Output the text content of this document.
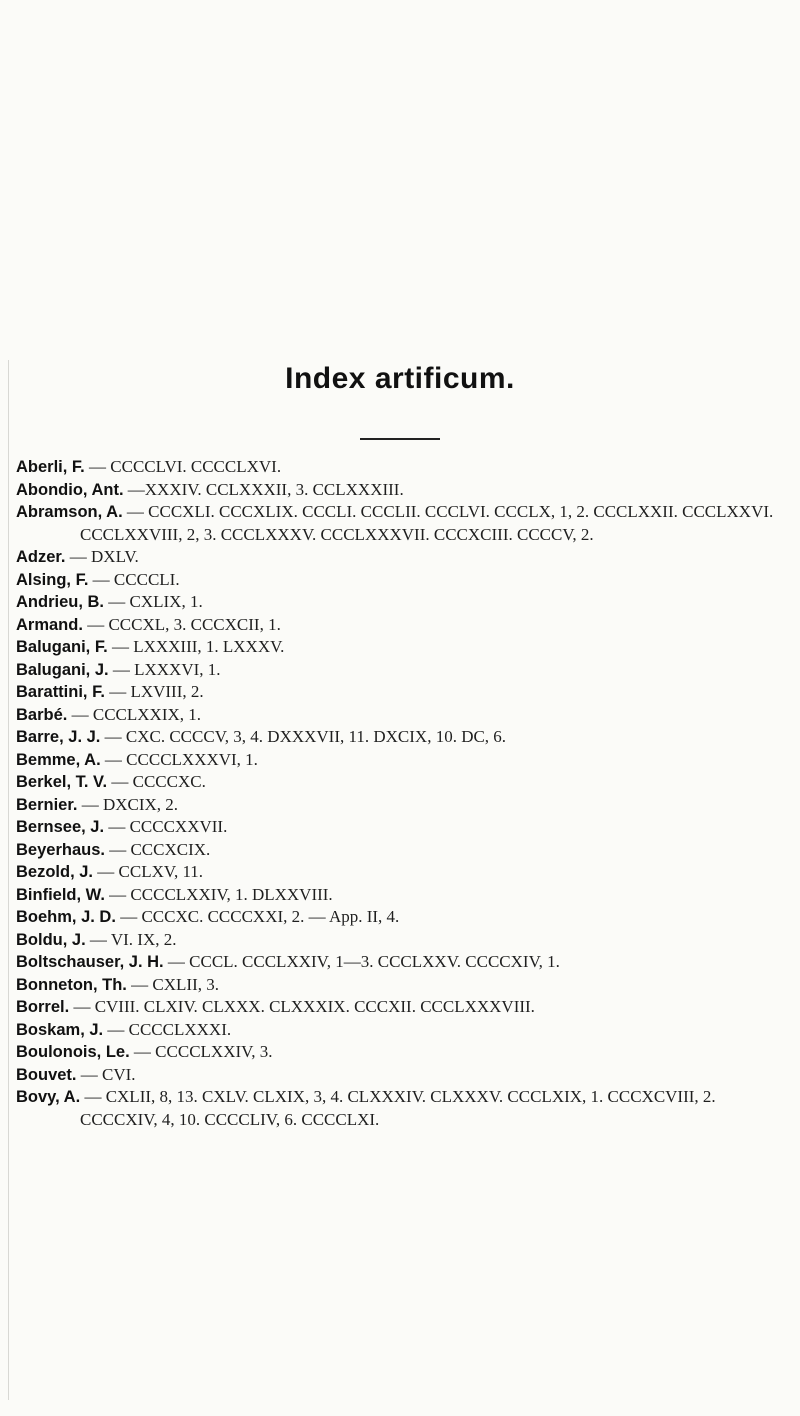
Index artificum.
Aberli, F. — CCCCLVI. CCCCLXVI.
Abondio, Ant. —XXXIV. CCLXXXII, 3. CCLXXXIII.
Abramson, A. — CCCXLI. CCCXLIX. CCCLI. CCCLII. CCCLVI. CCCLX, 1, 2. CCCLXXII. CCCLXXVI. CCCLXXVIII, 2, 3. CCCLXXXV. CCCLXXXVII. CCCXCIII. CCCCV, 2.
Adzer. — DXLV.
Alsing, F. — CCCCLI.
Andrieu, B. — CXLIX, 1.
Armand. — CCCXL, 3. CCCXCII, 1.
Balugani, F. — LXXXIII, 1. LXXXV.
Balugani, J. — LXXXVI, 1.
Barattini, F. — LXVIII, 2.
Barbé. — CCCLXXIX, 1.
Barre, J. J. — CXC. CCCCV, 3, 4. DXXXVII, 11. DXCIX, 10. DC, 6.
Bemme, A. — CCCCLXXXVI, 1.
Berkel, T. V. — CCCCXC.
Bernier. — DXCIX, 2.
Bernsee, J. — CCCCXXVII.
Beyerhaus. — CCCXCIX.
Bezold, J. — CCLXV, 11.
Binfield, W. — CCCCLXXIV, 1. DLXXVIII.
Boehm, J. D. — CCCXC. CCCCXXI, 2. — App. II, 4.
Boldu, J. — VI. IX, 2.
Boltschauser, J. H. — CCCL. CCCLXXIV, 1—3. CCCLXXV. CCCCXIV, 1.
Bonneton, Th. — CXLII, 3.
Borrel. — CVIII. CLXIV. CLXXX. CLXXXIX. CCCXII. CCCLXXXVIII.
Boskam, J. — CCCCLXXXI.
Boulonois, Le. — CCCCLXXIV, 3.
Bouvet. — CVI.
Bovy, A. — CXLII, 8, 13. CXLV. CLXIX, 3, 4. CLXXXIV. CLXXXV. CCCLXIX, 1. CCCXCVIII, 2. CCCCXIV, 4, 10. CCCCLIV, 6. CCCCLXI.
